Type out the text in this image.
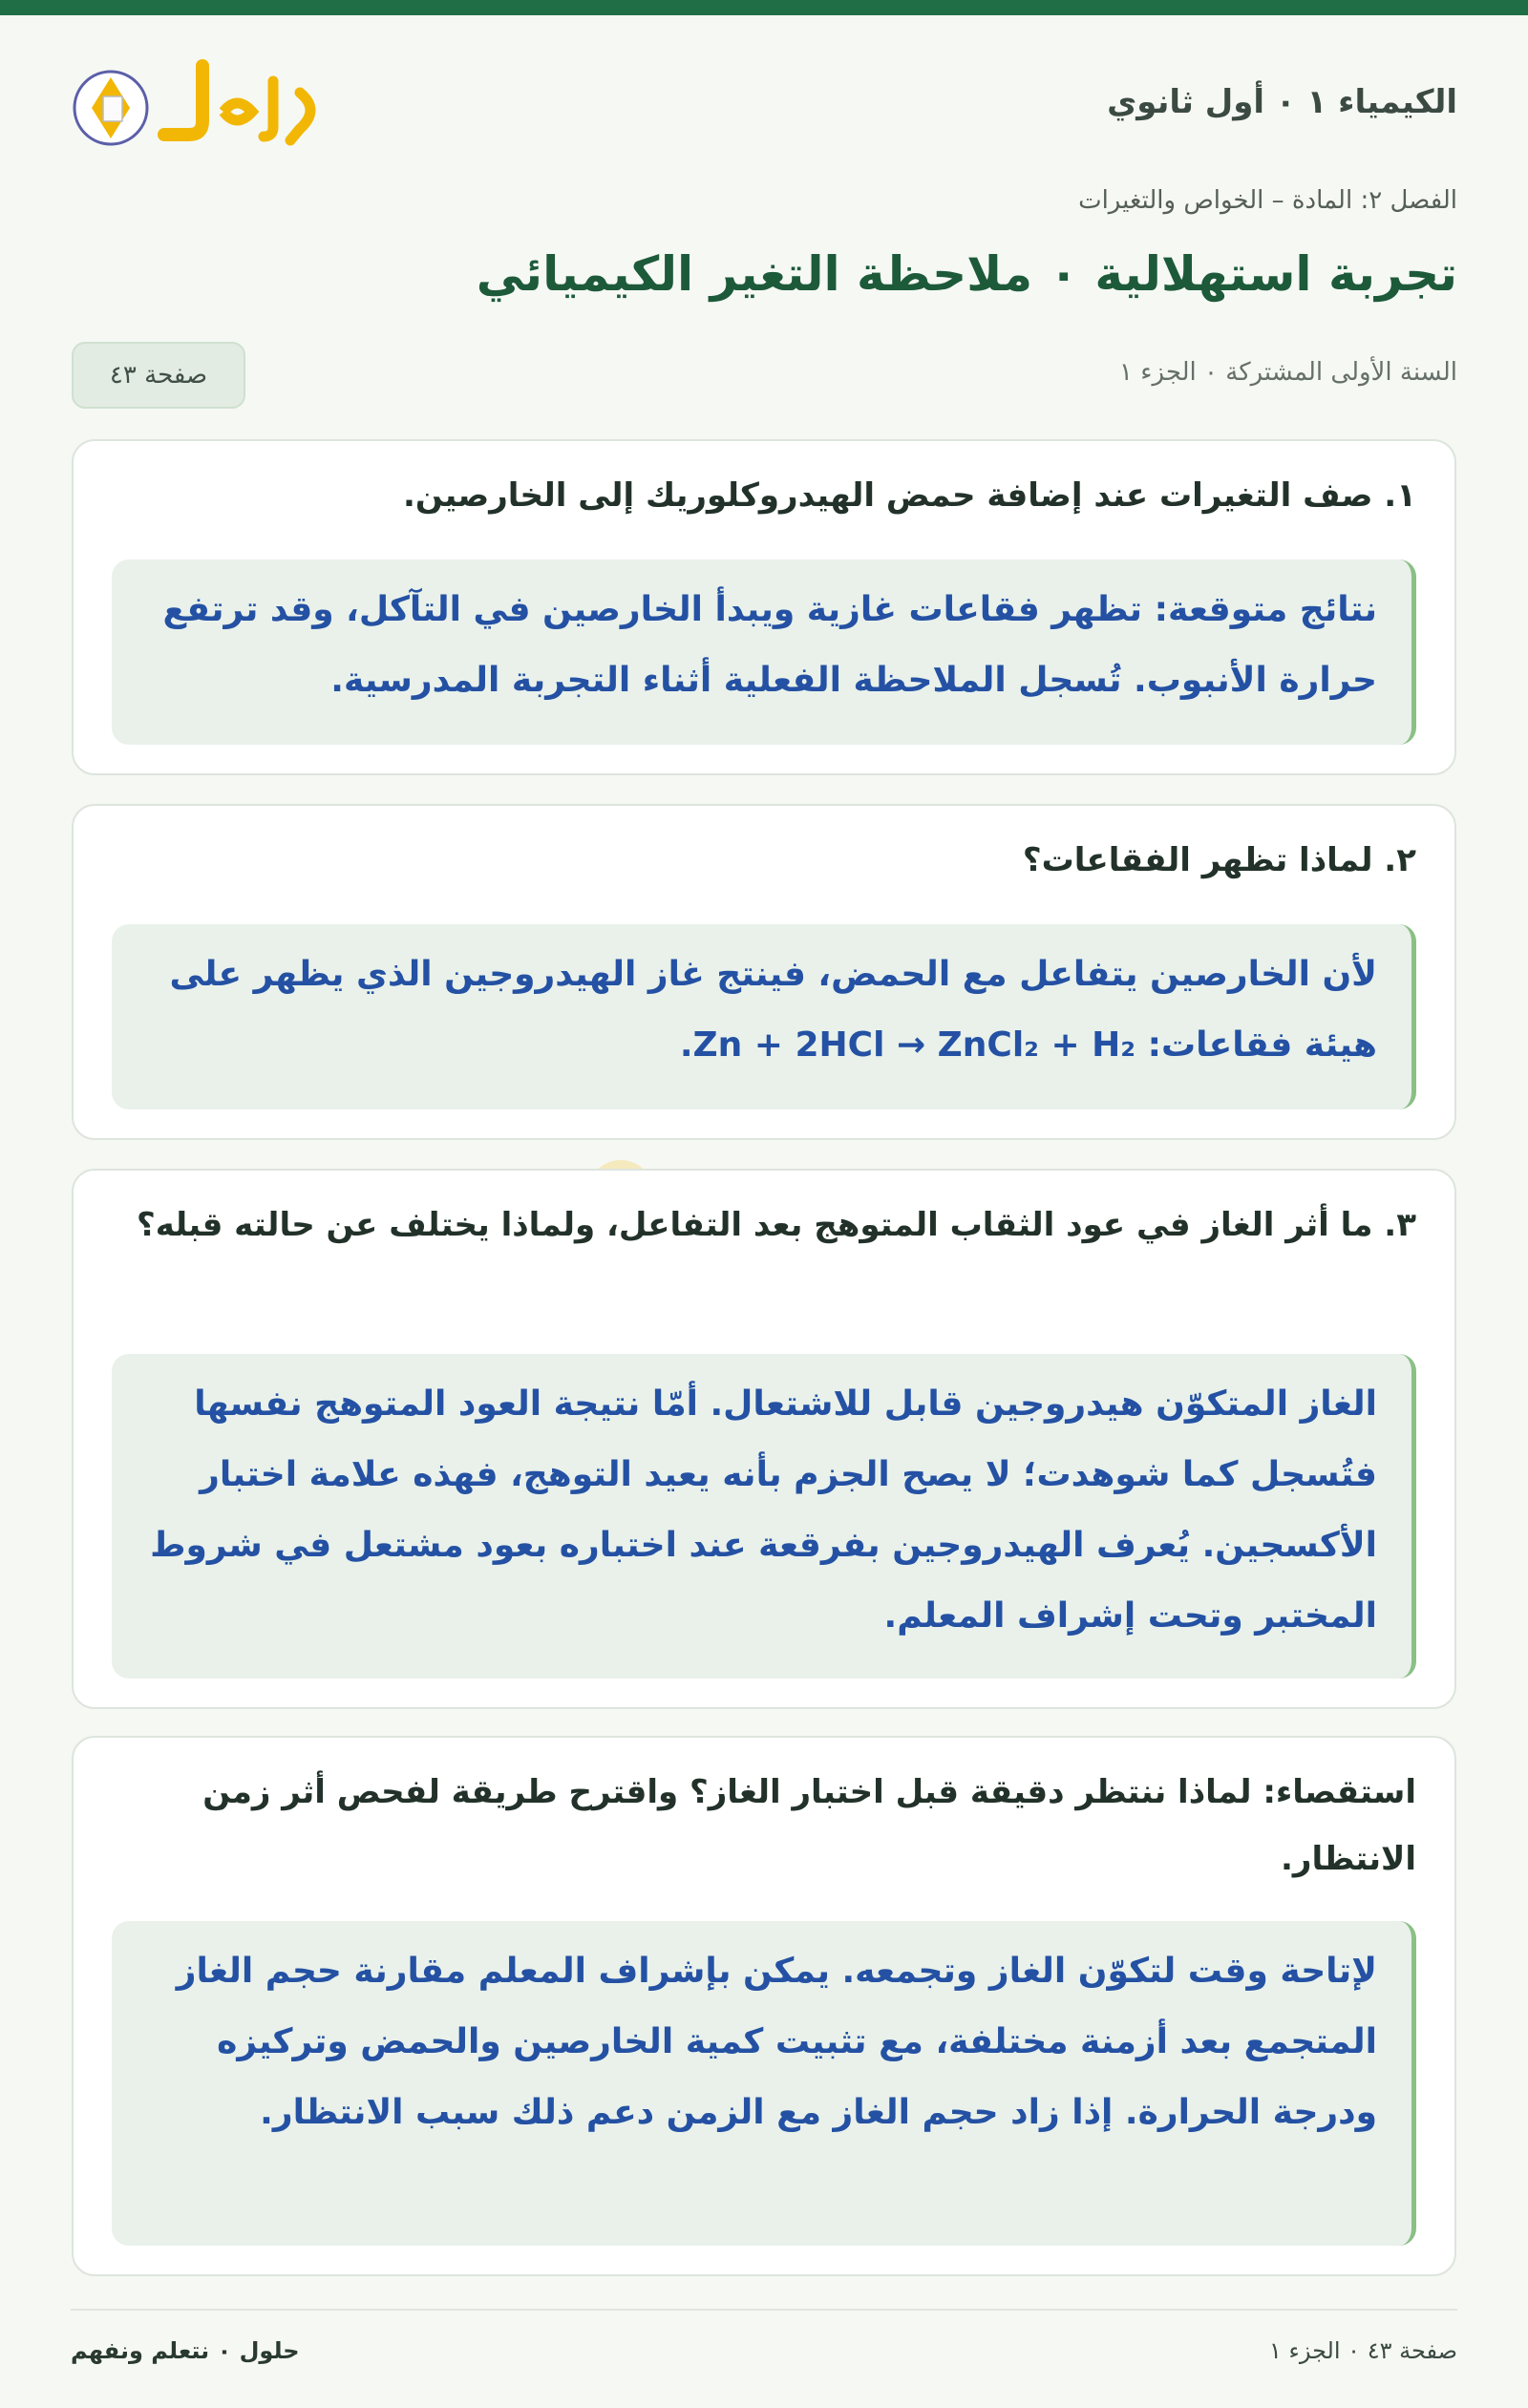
الكيمياء ١ ٠ أول ثانوي
الفصل ٢: المادة – الخواص والتغيرات
تجربة استهلالية ٠ ملاحظة التغير الكيميائي
السنة الأولى المشتركة ٠ الجزء ١
صفحة ٤٣
١. صف التغيرات عند إضافة حمض الهيدروكلوريك إلى الخارصين.
نتائج متوقعة: تظهر فقاعات غازية ويبدأ الخارصين في التآكل، وقد ترتفع حرارة الأنبوب. تُسجل الملاحظة الفعلية أثناء التجربة المدرسية.
٢. لماذا تظهر الفقاعات؟
لأن الخارصين يتفاعل مع الحمض، فينتج غاز الهيدروجين الذي يظهر على هيئة فقاعات: Zn + 2HCl → ZnCl₂ + H₂.
٣. ما أثر الغاز في عود الثقاب المتوهج بعد التفاعل، ولماذا يختلف عن حالته قبله؟
الغاز المتكوّن هيدروجين قابل للاشتعال. أمّا نتيجة العود المتوهج نفسها فتُسجل كما شوهدت؛ لا يصح الجزم بأنه يعيد التوهج، فهذه علامة اختبار الأكسجين. يُعرف الهيدروجين بفرقعة عند اختباره بعود مشتعل في شروط المختبر وتحت إشراف المعلم.
استقصاء: لماذا ننتظر دقيقة قبل اختبار الغاز؟ واقترح طريقة لفحص أثر زمن الانتظار.
لإتاحة وقت لتكوّن الغاز وتجمعه. يمكن بإشراف المعلم مقارنة حجم الغاز المتجمع بعد أزمنة مختلفة، مع تثبيت كمية الخارصين والحمض وتركيزه ودرجة الحرارة. إذا زاد حجم الغاز مع الزمن دعم ذلك سبب الانتظار.
صفحة ٤٣ ٠ الجزء ١
حلول ٠ نتعلم ونفهم
